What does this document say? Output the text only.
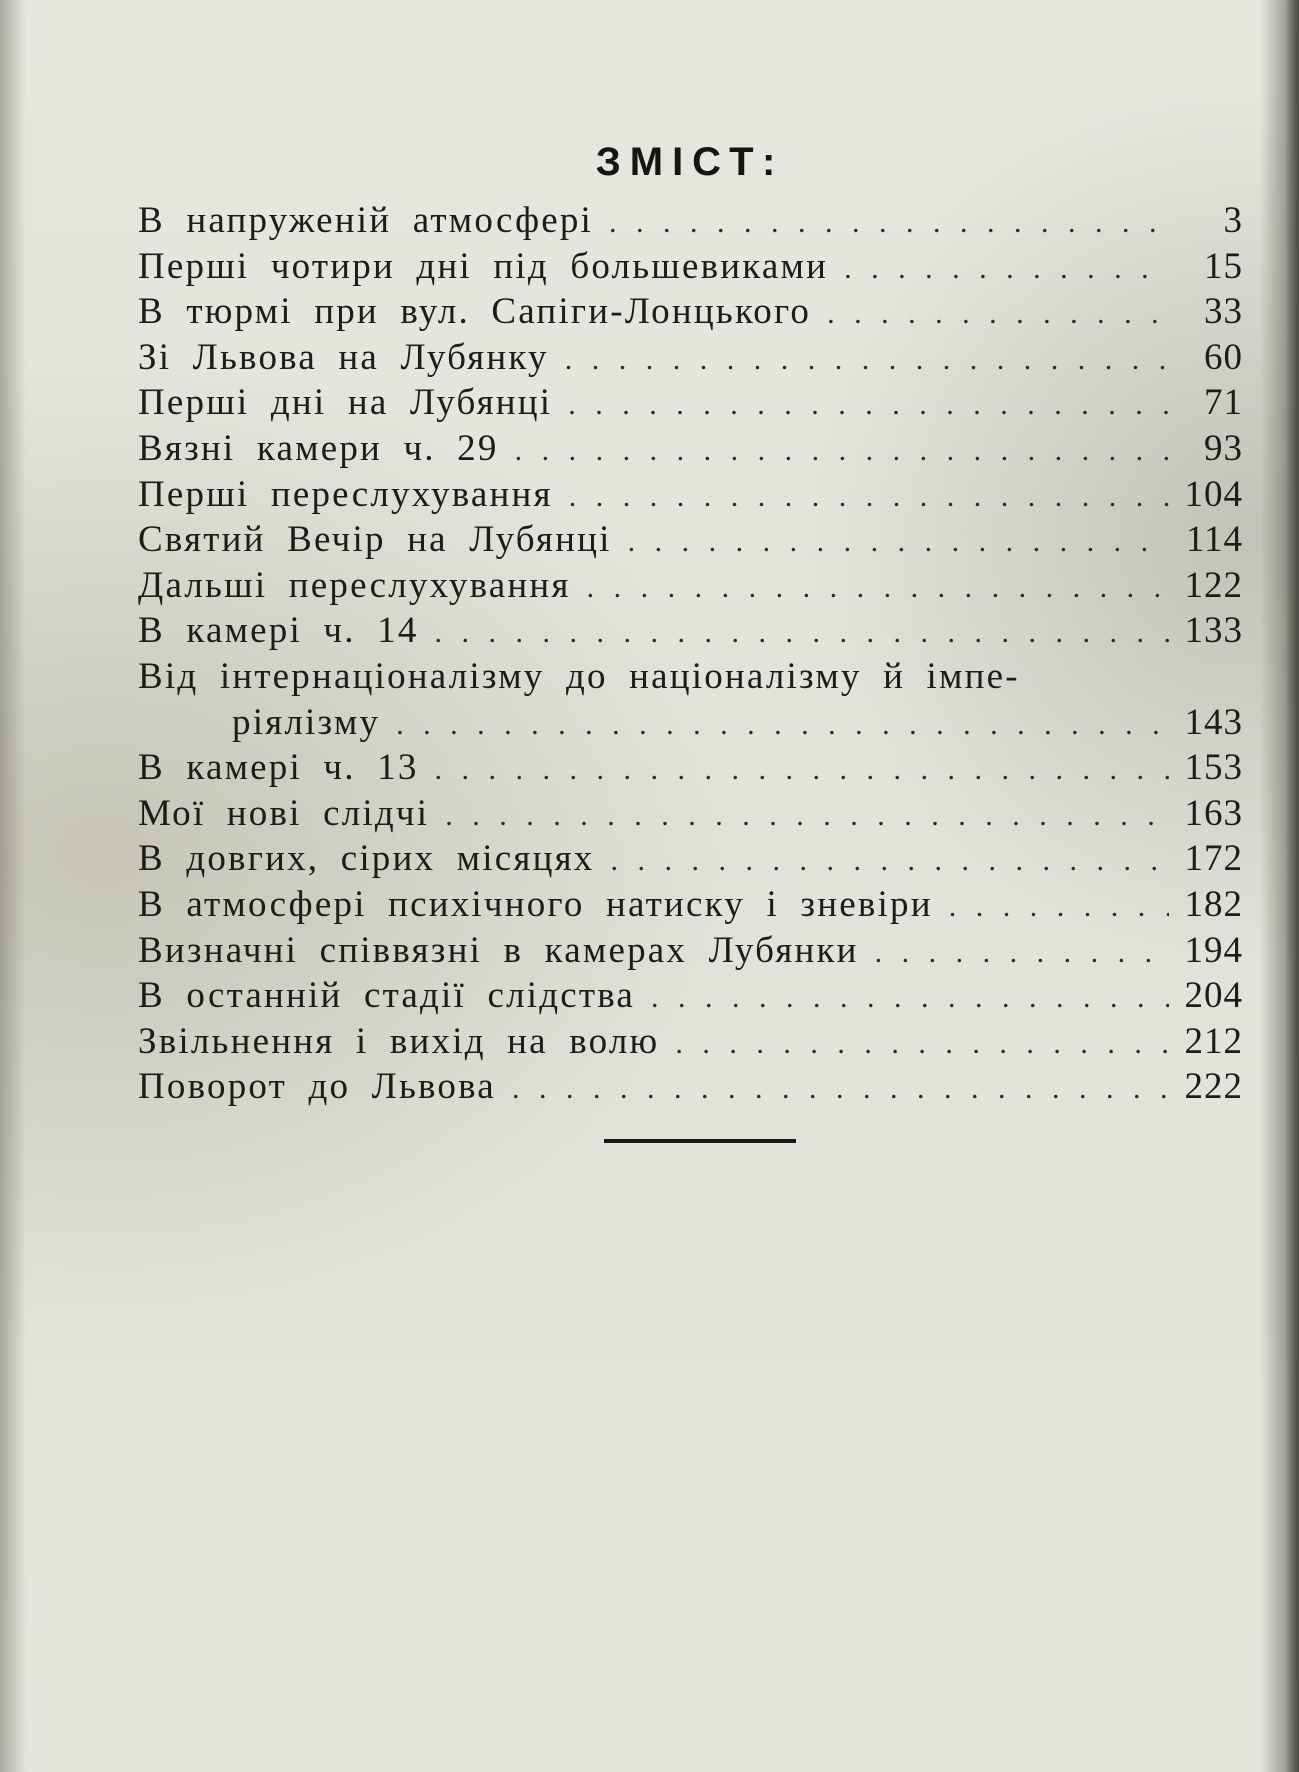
ЗМІСТ:
В напруженій атмосфері . . .	3
Перші чотири дні під большевиками . . .	15
В тюрмі при вул. Сапіги-Лонцького . . .	33
Зі Львова на Лубянку . . .	60
Перші дні на Лубянці . . .	71
Вязні камери ч. 29 . . .	93
Перші переслухування . . .	104
Святий Вечір на Лубянці . . .	114
Дальші переслухування . . .	122
В камері ч. 14 . . .	133
Від інтернаціоналізму до націоналізму й імпе-
ріялізму . . .	143
В камері ч. 13 . . .	153
Мої нові слідчі . . .	163
В довгих, сірих місяцях . . .	172
В атмосфері психічного натиску і зневіри . . .	182
Визначні співвязні в камерах Лубянки . . .	194
В останній стадії слідства . . .	204
Звільнення і вихід на волю . . .	212
Поворот до Львова . . .	222
